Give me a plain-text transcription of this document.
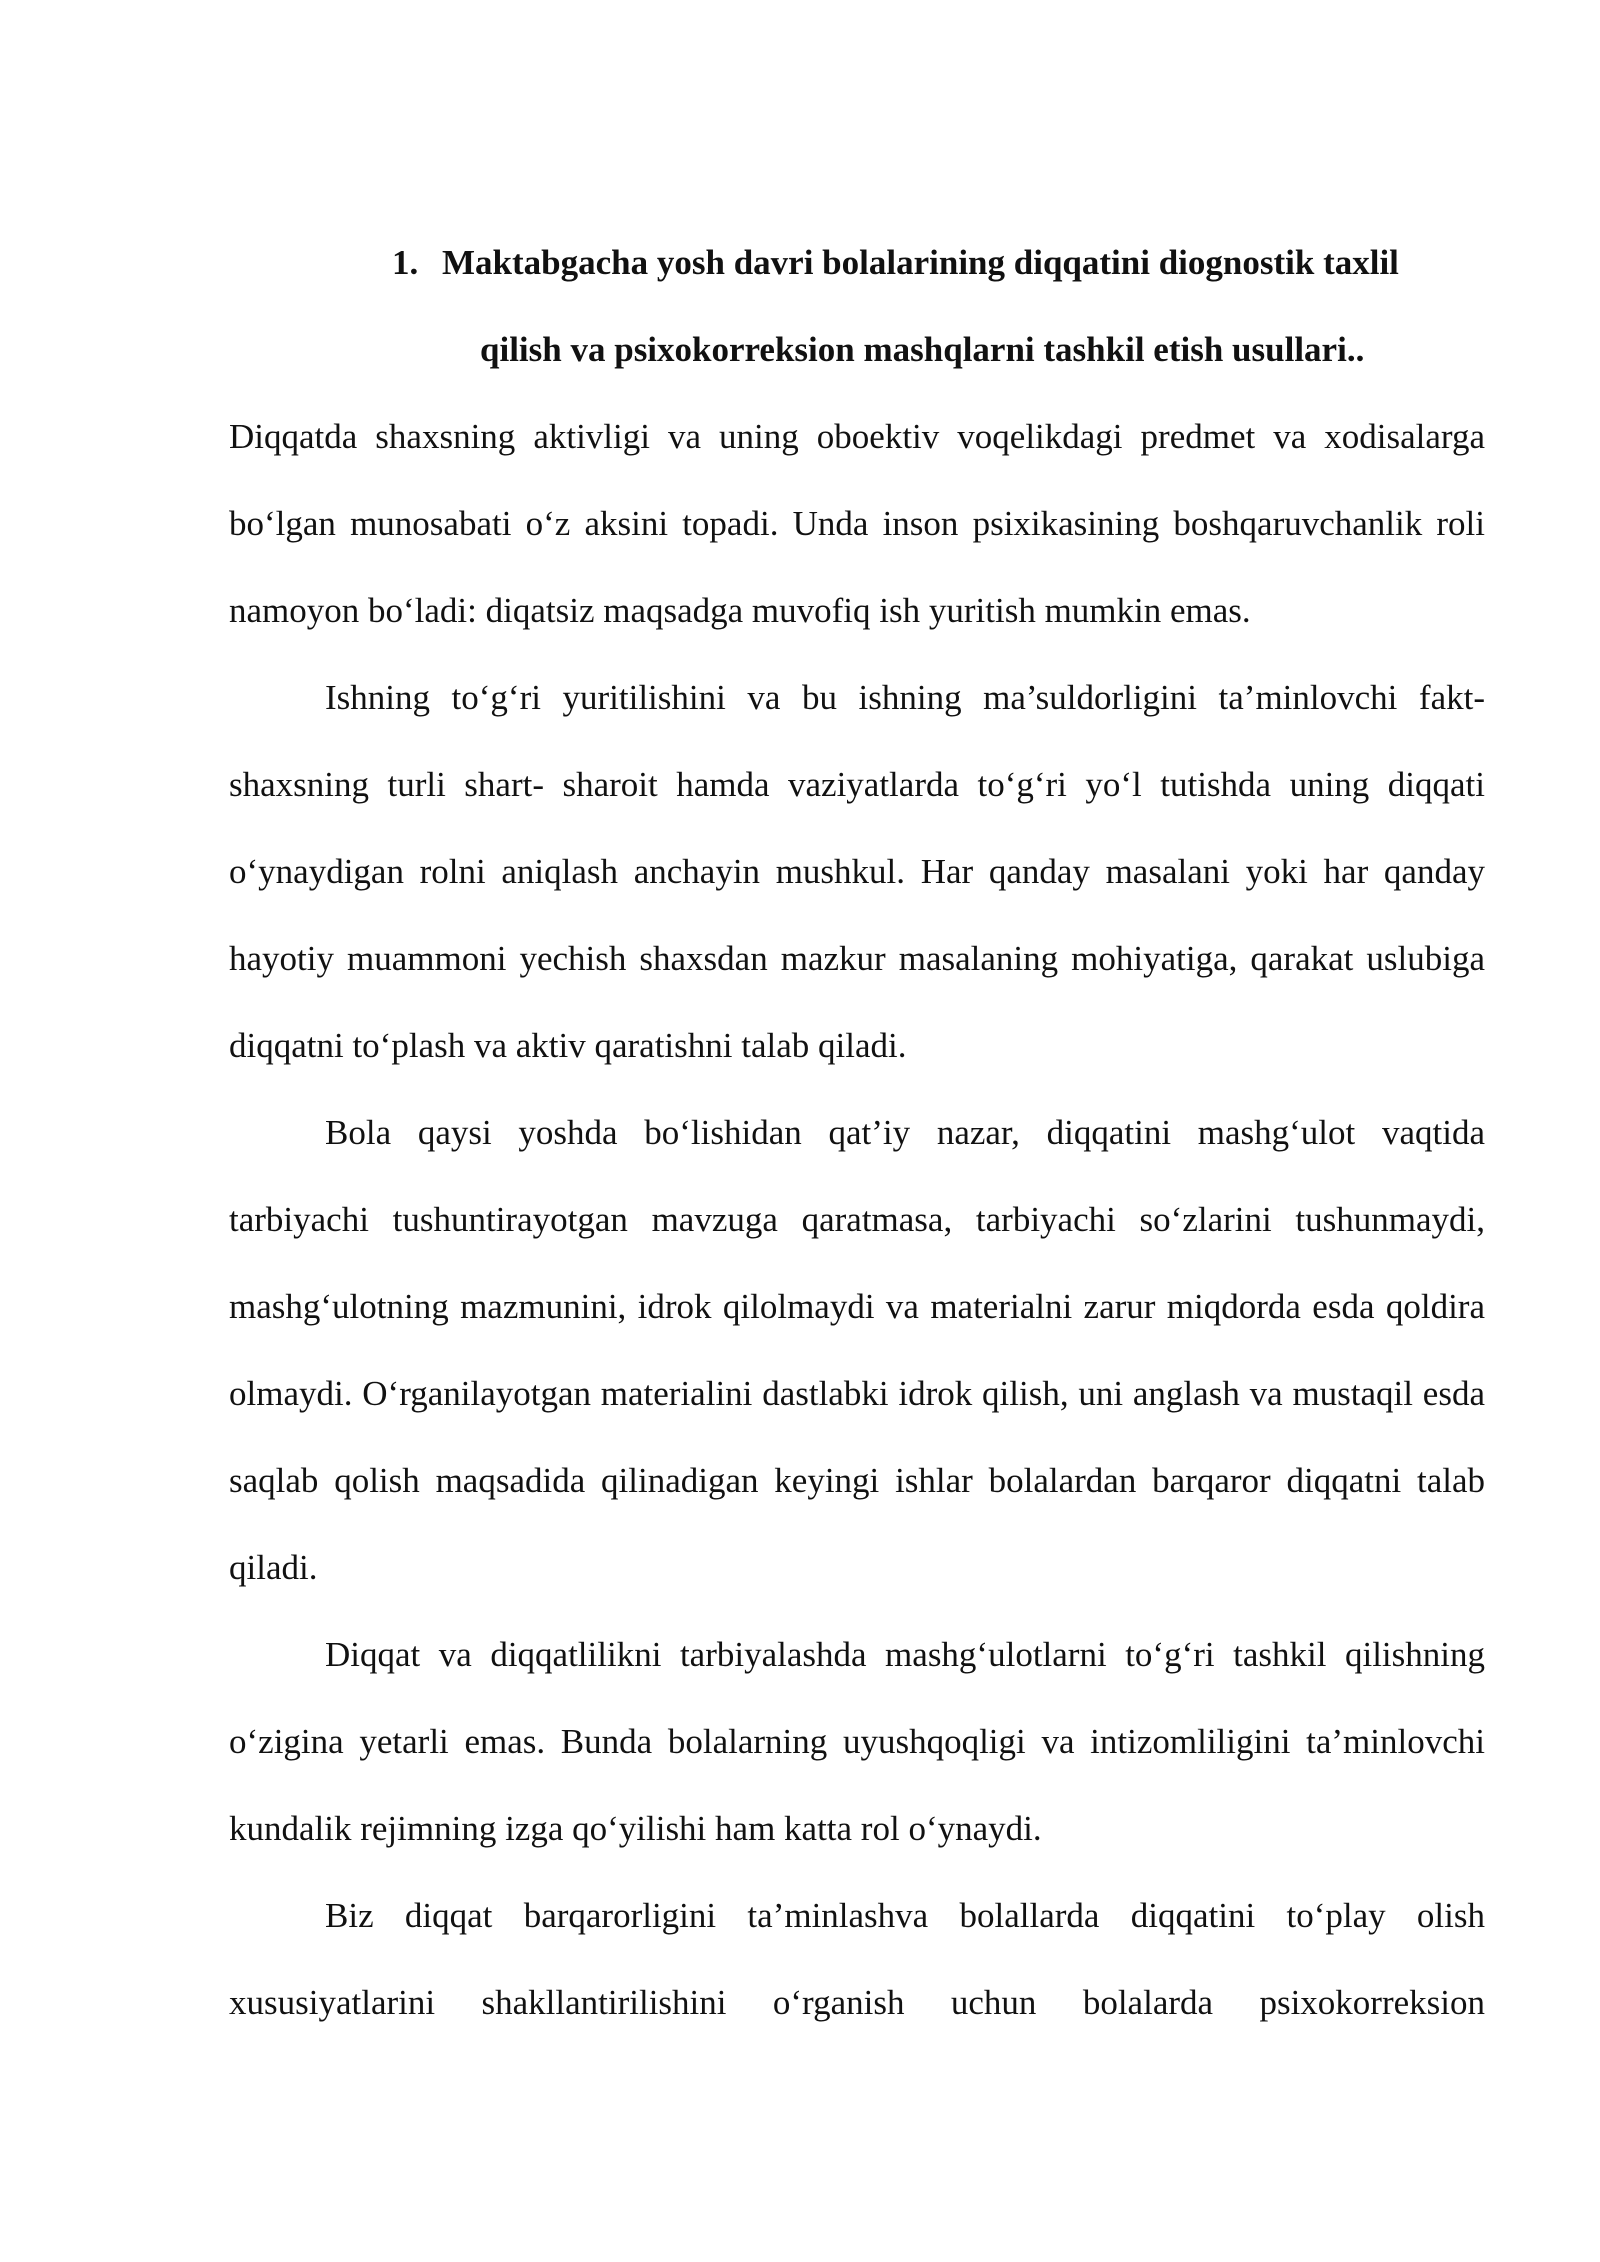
1. Maktabgacha yosh davri bolalarining diqqatini diognostik taxlil
qilish va psixokorreksion mashqlarni tashkil etish usullari..

Diqqatda shaxsning aktivligi va uning oboektiv voqelikdagi predmet va xodisalarga bo‘lgan munosabati o‘z aksini topadi. Unda inson psixikasining boshqaruvchanlik roli namoyon bo‘ladi: diqatsiz maqsadga muvofiq ish yuritish mumkin emas.

Ishning to‘g‘ri yuritilishini va bu ishning ma’suldorligini ta’minlovchi fakt- shaxsning turli shart- sharoit hamda vaziyatlarda to‘g‘ri yo‘l tutishda uning diqqati o‘ynaydigan rolni aniqlash anchayin mushkul. Har qanday masalani yoki har qanday hayotiy muammoni yechish shaxsdan mazkur masalaning mohiyatiga, qarakat uslubiga diqqatni to‘plash va aktiv qaratishni talab qiladi.

Bola qaysi yoshda bo‘lishidan qat’iy nazar, diqqatini mashg‘ulot vaqtida tarbiyachi tushuntirayotgan mavzuga qaratmasa, tarbiyachi so‘zlarini tushunmaydi, mashg‘ulotning mazmunini, idrok qilolmaydi va materialni zarur miqdorda esda qoldira olmaydi. O‘rganilayotgan materialini dastlabki idrok qilish, uni anglash va mustaqil esda saqlab qolish maqsadida qilinadigan keyingi ishlar bolalardan barqaror diqqatni talab qiladi.

Diqqat va diqqatlilikni tarbiyalashda mashg‘ulotlarni to‘g‘ri tashkil qilishning o‘zigina yetarli emas. Bunda bolalarning uyushqoqligi va intizomliligini ta’minlovchi kundalik rejimning izga qo‘yilishi ham katta rol o‘ynaydi.

Biz diqqat barqarorligini ta’minlashva bolallarda diqqatini to‘play olish xususiyatlarini shakllantirilishini o‘rganish uchun bolalarda psixokorreksion
